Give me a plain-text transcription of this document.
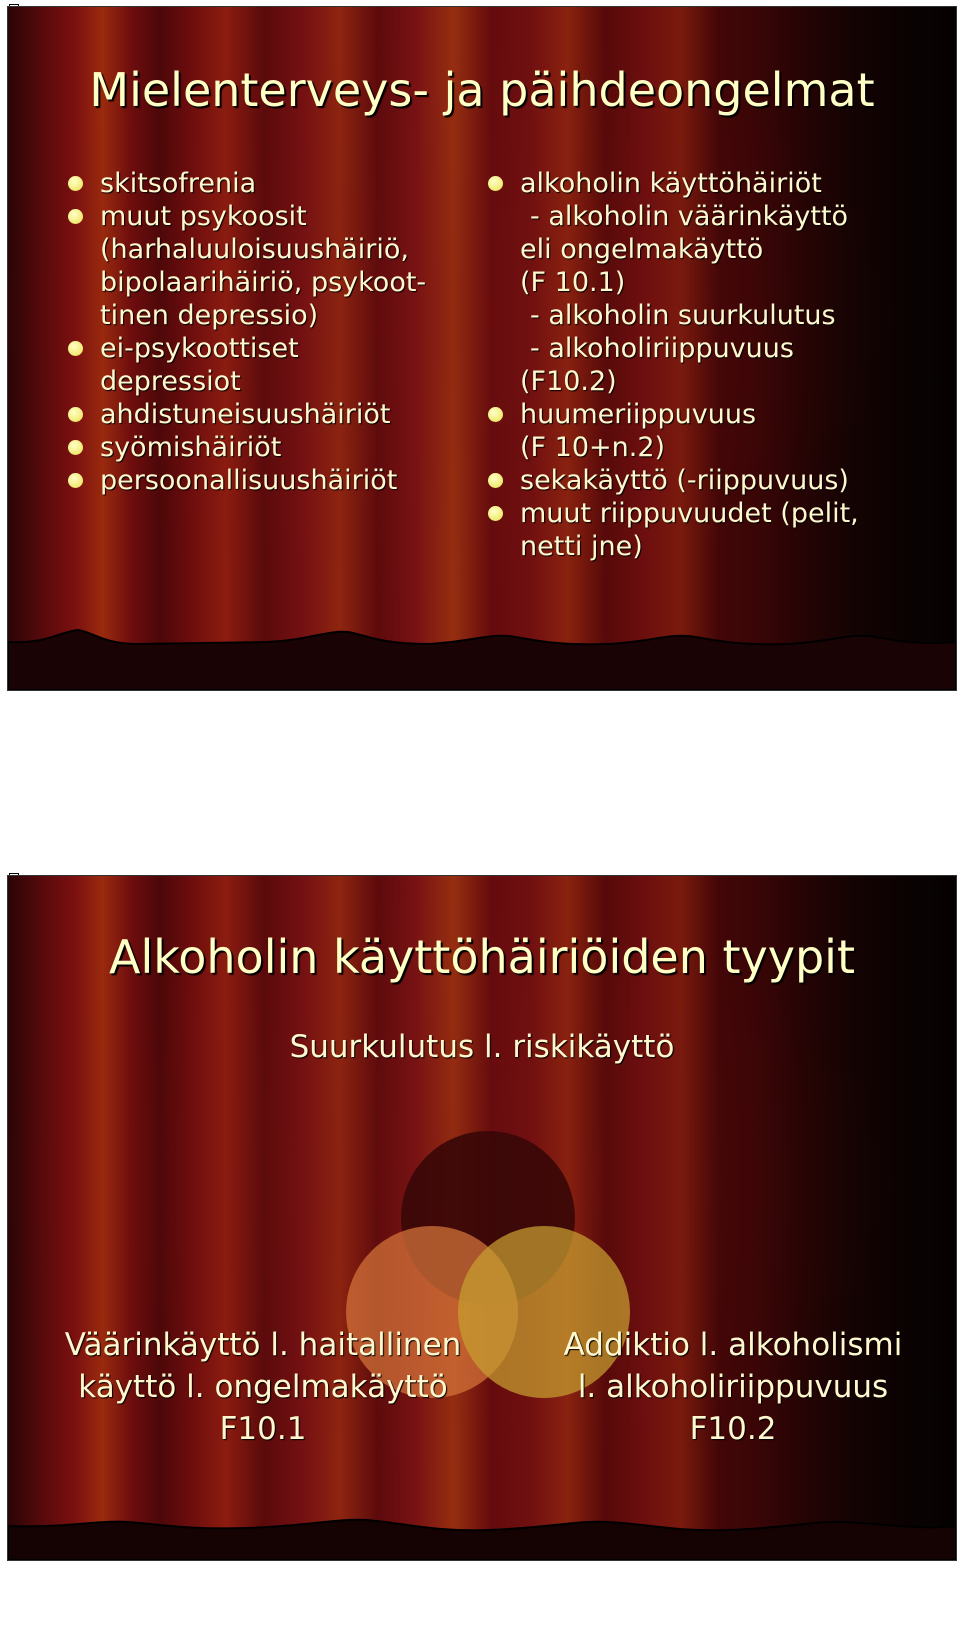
Mielenterveys- ja päihdeongelmat
skitsofrenia
muut psykoosit
(harhaluuloisuushäiriö,
bipolaarihäiriö, psykoot-
tinen depressio)
ei-psykoottiset
depressiot
ahdistuneisuushäiriöt
syömishäiriöt
persoonallisuushäiriöt
alkoholin käyttöhäiriöt
- alkoholin väärinkäyttö
eli ongelmakäyttö
(F 10.1)
- alkoholin suurkulutus
- alkoholiriippuvuus
(F10.2)
huumeriippuvuus
(F 10+n.2)
sekakäyttö (-riippuvuus)
muut riippuvuudet (pelit,
netti jne)
Alkoholin käyttöhäiriöiden tyypit
Suurkulutus l. riskikäyttö
Väärinkäyttö l. haitallinen
käyttö l. ongelmakäyttö
F10.1
Addiktio l. alkoholismi
l. alkoholiriippuvuus
F10.2
